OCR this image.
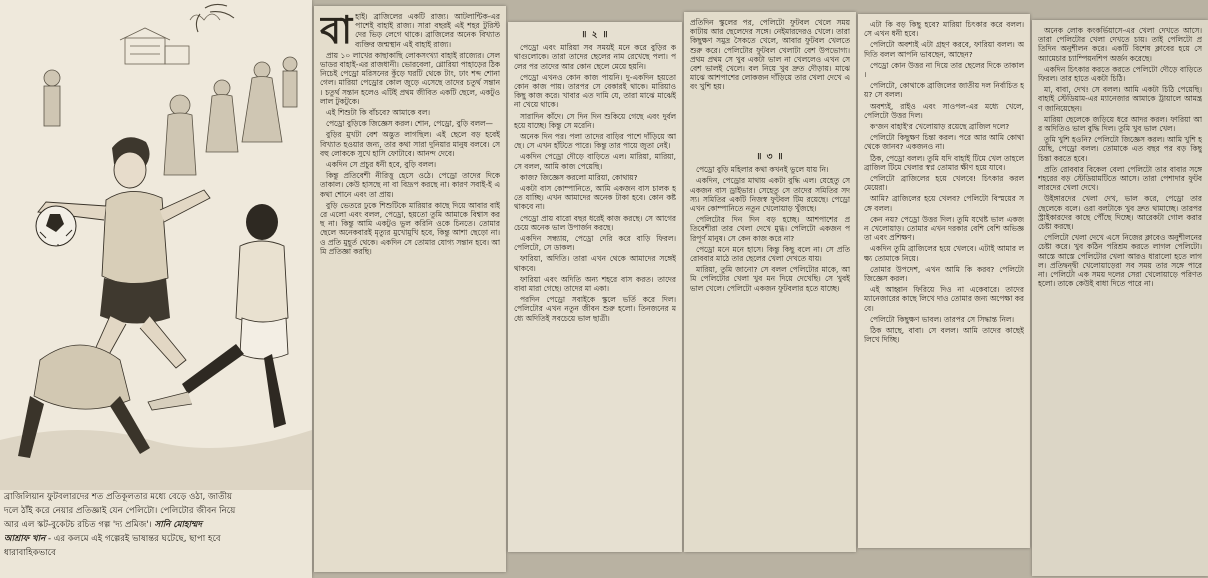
ব্রাজিলিয়ান ফুটবলারদের শত প্রতিকূলতার মধ্যে বেড়ে ওঠা, জাতীয়
দলে ঠাঁই করে নেয়ার প্রতিজ্ঞাই যেন পেলিটো। পেলিটোর জীবন নিয়ে
আর এল স্কট-বুকেটচ রচিত গল্প 'দ্য প্রমিজ'। সানি মোহাম্মদ
আশ্রাফ খান - এর কলমে এই গল্পেরই ভাষান্তর ঘটেছে, ছাপা হবে
ধারাবাহিকভাবে
বা হাই। ব্রাজিলের একটি রাজ্য। আটলান্টিক-এর পাশেই বাহাই রাজ্য। সারা বছরই এই শহর টুরিস্টদের ভিড় লেগে থাকে। ব্রাজিলের অনেক বিখ্যাত ব্যক্তির জন্মস্থান এই বাহাই রাজ্য।

প্রায় ১০ লাখের কাছাকাছি লোকসংখ্যা বাহাই রাজ্যের। সেলভাডর বাহাই-এর রাজধানী। ভোরবেলা, গ্লোরিয়া পাহাড়ের ঠিক নিচেই পেড্রো মরিসনের কুঁড়ে ঘরটি থেকে টাং, ঢাং শব্দ শোনা গেল। মারিয়া পেড্রোর কোল জুড়ে এসেছে তাদের চতুর্থ সন্তান। চতুর্থ সন্তান হলেও এটিই প্রথম জীবিত একটি ছেলে, একটুও লাল টুকটুকে।

এই শিশুটা কি বাঁচবে? আমাকে বল।

পেড্রো বুড়িকে জিজ্ঞেস করল। শোন, পেড্রো, বুড়ি বলল—

বুড়ির মুখটা বেশ অদ্ভুত লাগছিল। এই ছেলে বড় হবেই বিখ্যাত হওয়ার জন্য, তার কথা সারা দুনিয়ার মানুষ বলবে। সে বহু লোককে সুখে হাসি ফোটাবে। আনন্দ দেবে।

একদিন সে প্রচুর ধনী হবে, বুড়ি বলল।

কিন্তু প্রতিবেশী নীরিত্তু হেসে ওঠে। পেড্রো তাদের দিকে তাকাল। কেউ হাসছে না বা বিদ্রূপ করছে না। কারণ সবাই-ই এ কথা শোনে এবং তা প্রায়।

বুড়ি ভেতরে ঢুকে শিশুটিকে মারিয়ার কাছে দিয়ে আবার বাইরে এলো এবং বলল, পেড্রো, হয়তো তুমি আমাকে বিশ্বাস করছ না। কিন্তু আমি একটুও ভুল করিনি ওকে চিনতে। তোমার ছেলে অনেকবারই মৃত্যুর মুখোমুখি হবে, কিন্তু আশা ছেড়ো না। ও প্রতি মুহূর্ত থেকে। একদিন সে তোমার যোগ্য সন্তান হবে। আমি প্রতিজ্ঞা করছি।

॥ ২ ॥

পেড্রো এবং মারিয়া সব সময়ই মনে করে বুড়ির কথাগুলোকে। তারা তাদের ছেলের নাম রেখেছে পলা। পলের পর তাদের আর কোন ছেলে মেয়ে হয়নি।

পেড্রো এখনও কোন কাজ পায়নি। দু-একদিন হয়তো কোন কাজ পায়। তারপর সে বেকারই থাকে। মারিয়াও কিছু কাজ করে। খাবার এত দামি যে, তারা মাঝে মাঝেই না খেয়ে থাকে।

সারাদিন কাঁদে। সে দিন দিন শুকিয়ে গেছে এবং দুর্বল হয়ে যাচ্ছে। কিন্তু সে মরেনি।

অনেক দিন পর। পলা তাদের বাড়ির পাশে দাঁড়িয়ে আছে। সে এখন হাঁটতে পারে। কিন্তু তার পায়ে জুতা নেই।

একদিন পেড্রো দৌড়ে বাড়িতে এল। মারিয়া, মারিয়া, সে বলল, আমি কাজ পেয়েছি।

কাজ? জিজ্ঞেস করলো মারিয়া, কোথায়?

একটা বাস কোম্পানিতে, আমি একজন বাস চালক হতে যাচ্ছি। এখন আমাদের অনেক টাকা হবে। কোন কষ্ট থাকবে না।

পেড্রো প্রায় বারো বছর ধরেই কাজ করছে। সে আগের চেয়ে অনেক ভাল উপার্জন করছে।

একদিন সন্ধ্যায়, পেড্রো দেরি করে বাড়ি ফিরল। পেলিটো, সে ডাকল।

ফারিয়া, অদিতি। তারা এখন থেকে আমাদের সঙ্গেই থাকবে।

ফারিয়া এবং অদিতি অন্য শহরে বাস করত। তাদের বাবা মারা গেছে। তাদের মা একা।

পরদিন পেড্রো সবাইকে স্কুলে ভর্তি করে দিল। পেলিটোর এখন নতুন জীবন শুরু হলো। তিনজনের মধ্যে অদিতিই সবচেয়ে ভাল ছাত্রী।

প্রতিদিন স্কুলের পর, পেলিটো ফুটবল খেলে সময় কাটায় আর ছেলেদের সঙ্গে। নেইমারদেরও খেলে। তারা কিছুক্ষণ সমুদ্র সৈকতে খেলে, আবার ফুটবল খেলতে শুরু করে। পেলিটোর ফুটবল খেলাটা বেশ উপভোগ্য। প্রথম প্রথম সে খুব একটা ভাল না খেললেও এখন সে বেশ ভালই খেলে। বল নিয়ে খুব দ্রুত দৌড়ায়। মাঝে মাঝে আশপাশের লোকজন দাঁড়িয়ে তার খেলা দেখে এবং খুশি হয়।

॥ ৩ ॥

পেড্রো বুড়ি মহিলার কথা কখনই ভুলে যায় নি।

একদিন, পেড্রোর মাথায় একটা বুদ্ধি এল। যেহেতু সে একজন বাস ড্রাইভার। সেহেতু সে তাদের সমিতির সদস্য। সমিতির একটি নিজস্ব ফুটবল টিম রয়েছে। পেড্রো এখন কোম্পানিতে নতুন খেলোয়াড় খুঁজছে।

পেলিটোর দিন দিন বড় হচ্ছে। আশপাশের প্রতিবেশীরা তার খেলা দেখে মুগ্ধ। পেলিটো একজন পরিপূর্ণ মানুষ। সে কেন কাজ করে না?

পেড্রো মনে মনে হাসে। কিন্তু কিছু বলে না। সে প্রতি রোববার মাঠে তার ছেলের খেলা দেখতে যায়।

মারিয়া, তুমি জানো? সে বলল পেলিটোর মাকে, আমি পেলিটোর খেলা খুব মন দিয়ে দেখেছি। সে খুবই ভাল খেলে। পেলিটো একজন ফুটবলার হতে যাচ্ছে।

এটা কি বড় কিছু হবে? মারিয়া চিৎকার করে বলল। সে এখন ধনী হবে।

পেলিটো অবশ্যই এটা গ্রহণ করবে, ফারিয়া বলল। অদিতি বলল আপনি ভাবছেন, আছেন?

পেড্রো কোন উত্তর না দিয়ে তার ছেলের দিকে তাকাল।

পেলিটো, কোথাকে ব্রাজিলের জাতীয় দল নির্বাচিত হয়? সে বলল।

অবশ্যই, রাইও এবং সাওপল-এর মধ্যে খেলে, পেলিটো উত্তর দিল।

ক'জন বাহাই'র খেলোয়াড় রয়েছে ব্রাজিল দলে?

পেলিটো কিছুক্ষণ চিন্তা করল। পরে আর আমি কোথা থেকে জানব? একজনও না।

ঠিক, পেড্রো বলল। তুমি যদি বাহাই টিমে খেল তাহলে ব্রাজিল টিমে খেলার স্বপ্ন তোমার ক্ষীণ হয়ে যাবে।

পেলিটো ব্রাজিলের হয়ে খেলবে! চিৎকার করল মেয়েরা।

আমি? ব্রাজিলের হয়ে খেলব? পেলিটো বিস্ময়ের সঙ্গে বলল।

কেন নয়? পেড্রো উত্তর দিল। তুমি যথেষ্ট ভাল একজন খেলোয়াড়। তোমার এখন দরকার বেশি বেশি অভিজ্ঞতা এবং প্রশিক্ষণ।

একদিন তুমি ব্রাজিলের হয়ে খেলবে। এটাই আমার লক্ষ্য তোমাকে নিয়ে।

তোমার উপদেশ, এখন আমি কি করব? পেলিটো জিজ্ঞেস করল।

এই আহ্বান ফিরিয়ে দিও না একেবারে। তাদের ম্যানেজারের কাছে লিখে দাও তোমার জন্য অপেক্ষা করবে।

পেলিটো কিছুক্ষণ ভাবল। তারপর সে সিদ্ধান্ত নিল।

ঠিক আছে, বাবা। সে বলল। আমি তাদের কাছেই লিখে দিচ্ছি।

অনেক লোক কংকর্ভিয়াসে-এর খেলা দেখতে আসে। তারা পেলিটোর খেলা দেখতে চায়। তাই পেলিটো প্রতিদিন অনুশীলন করে। একটি বিশেষ ক্লাবের হয়ে সে অ্যামেচার চ্যাম্পিয়নশিপ অর্জন করেছে।

একদিন চিৎকার করতে করতে পেলিটো দৌড়ে বাড়িতে ফিরল। তার হাতে একটা চিঠি।

মা, বাবা, দেখ! সে বলল। আমি একটা চিঠি পেয়েছি। বাহাই স্টেডিয়াম-এর ম্যানেজার আমাকে ট্রায়ালে আমন্ত্রণ জানিয়েছেন।

মারিয়া ছেলেকে জড়িয়ে ধরে আদর করল। ফারিয়া আর অদিতিও ভাল বুদ্ধি দিল। তুমি খুব ভাল খেল।

তুমি খুশি হওনি? পেলিটো জিজ্ঞেস করল। আমি খুশি হয়েছি, পেড্রো বলল। তোমাকে এত বছর পর বড় কিছু চিন্তা করতে হবে।

প্রতি রোববার বিকেল বেলা পেলিটো তার বাবার সঙ্গে শহরের বড় স্টেডিয়ামটিতে আসে। তারা পেশাদার ফুটবলারদের খেলা দেখে।

উইঙ্গারদের খেলা দেখ, ভাল করে, পেড্রো তার ছেলেকে বলে। ওরা বলটাকে খুব দ্রুত থামাচ্ছে। তারপর স্ট্রাইকারদের কাছে পৌঁছে দিচ্ছে। আরেকটা গোল করার চেষ্টা করছে।

পেলিটো খেলা দেখে এসে নিজের ক্লাবেও অনুশীলনের চেষ্টা করে। খুব কঠিন পরিশ্রম করতে লাগল পেলিটো। আস্তে আস্তে পেলিটোর খেলা আরও ধারালো হতে লাগল। প্রতিদ্বন্দ্বী খেলোয়াড়েরা সব সময় তার সঙ্গে পারে না। পেলিটো এক সময় দলের সেরা খেলোয়াড়ে পরিণত হলো। তাকে কেউই বাধা দিতে পারে না।
